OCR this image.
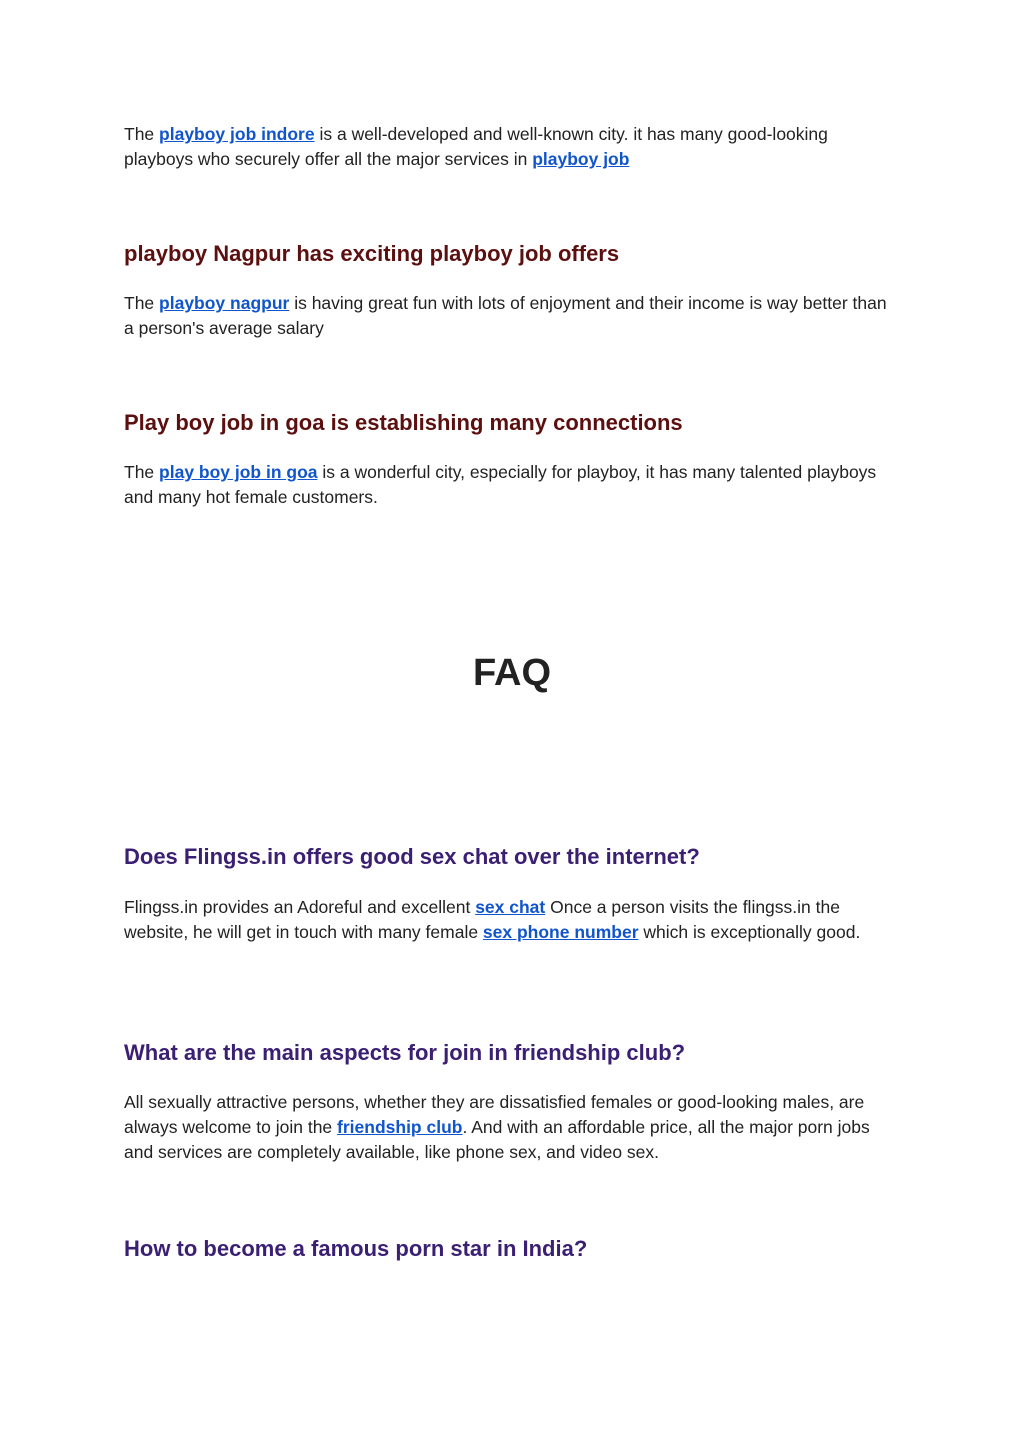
The playboy job indore is a well-developed and well-known city. it has many good-looking playboys who securely offer all the major services in playboy job

playboy Nagpur has exciting playboy job offers

The playboy nagpur is having great fun with lots of enjoyment and their income is way better than a person's average salary

Play boy job in goa is establishing many connections

The play boy job in goa is a wonderful city, especially for playboy, it has many talented playboys and many hot female customers.

FAQ
Does Flingss.in offers good sex chat over the internet?

Flingss.in provides an Adoreful and excellent sex chat Once a person visits the flingss.in the website, he will get in touch with many female sex phone number which is exceptionally good.

What are the main aspects for join in friendship club?

All sexually attractive persons, whether they are dissatisfied females or good-looking males, are always welcome to join the friendship club. And with an affordable price, all the major porn jobs and services are completely available, like phone sex, and video sex.

How to become a famous porn star in India?
